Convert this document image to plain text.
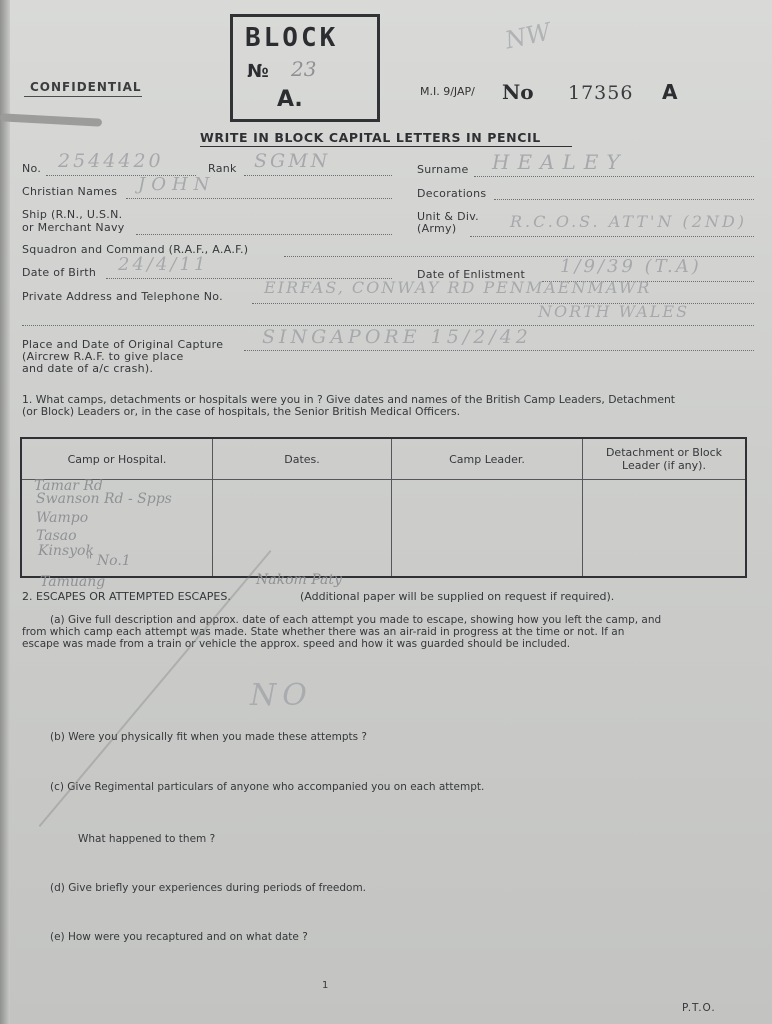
NW
BLOCK
№ 23
A.
CONFIDENTIAL	M.I. 9/JAP/ No 17356 A
WRITE IN BLOCK CAPITAL LETTERS IN PENCIL
No. 2544420	Rank SGMN	Surname HEALEY
Christian Names JOHN	Decorations
Ship (R.N., U.S.N.
or Merchant Navy
Unit & Div.
(Army)	R.C.O.S. ATT'N (2ND)
Squadron and Command (R.A.F., A.A.F.)
Date of Birth 24/4/11	Date of Enlistment 1/9/39 (T.A)
Private Address and Telephone No.	EIRFAS, CONWAY RD PENMAENMAWR
NORTH WALES
Place and Date of Original Capture
(Aircrew R.A.F. to give place
and date of a/c crash).
SINGAPORE 15/2/42
1. What camps, detachments or hospitals were you in ? Give dates and names of the British Camp Leaders, Detachment
(or Block) Leaders or, in the case of hospitals, the Senior British Medical Officers.
Camp or Hospital.	Dates.	Camp Leader.	Detachment or Block Leader (if any).

Tamar Rd
Swanson Rd - Spps
Wampo
Tasao
Kinsyok
" No.1
Tamuang	Nakom Paty
2. ESCAPES OR ATTEMPTED ESCAPES.	(Additional paper will be supplied on request if required).
(a) Give full description and approx. date of each attempt you made to escape, showing how you left the camp, and
from which camp each attempt was made. State whether there was an air-raid in progress at the time or not. If an
escape was made from a train or vehicle the approx. speed and how it was guarded should be included.
NO
(b) Were you physically fit when you made these attempts ?
(c) Give Regimental particulars of anyone who accompanied you on each attempt.
What happened to them ?
(d) Give briefly your experiences during periods of freedom.
(e) How were you recaptured and on what date ?
1
P.T.O.
